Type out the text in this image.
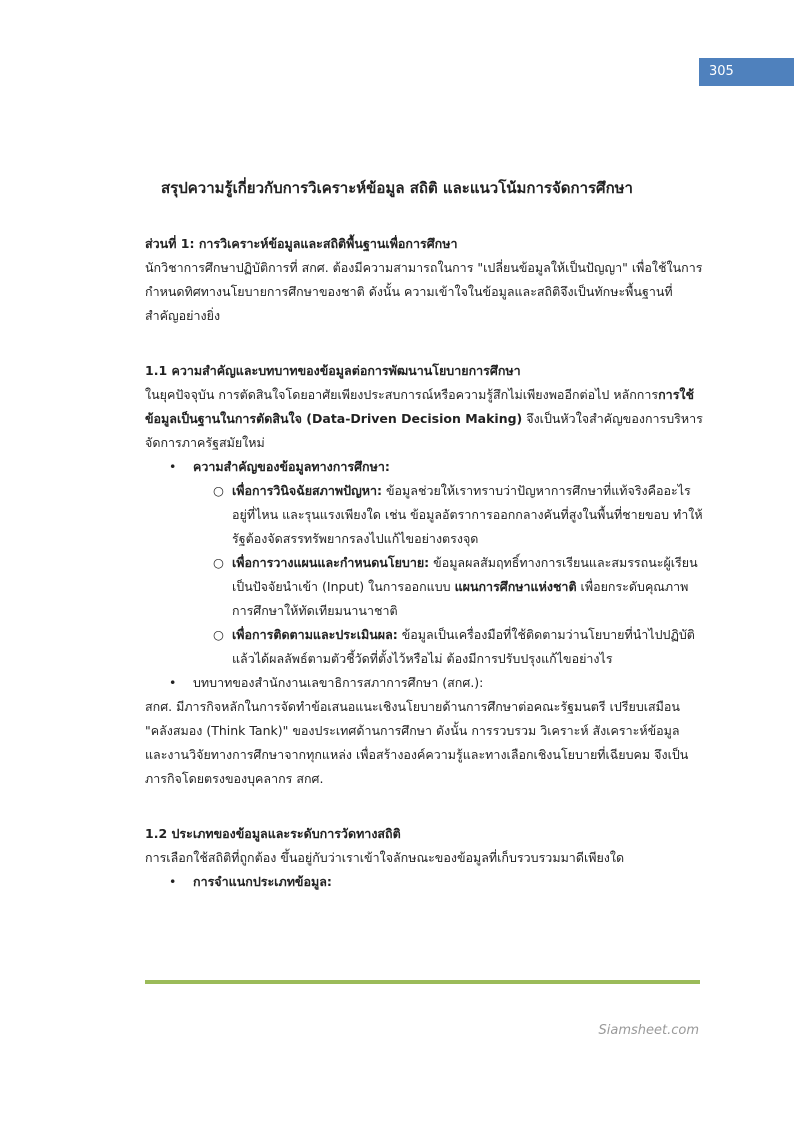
305
สรุปความรู้เกี่ยวกับการวิเคราะห์ข้อมูล สถิติ และแนวโน้มการจัดการศึกษา
ส่วนที่ 1: การวิเคราะห์ข้อมูลและสถิติพื้นฐานเพื่อการศึกษา

นักวิชาการศึกษาปฏิบัติการที่ สกศ. ต้องมีความสามารถในการ "เปลี่ยนข้อมูลให้เป็นปัญญา" เพื่อใช้ในการกำหนดทิศทางนโยบายการศึกษาของชาติ ดังนั้น ความเข้าใจในข้อมูลและสถิติจึงเป็นทักษะพื้นฐานที่สำคัญอย่างยิ่ง

1.1 ความสำคัญและบทบาทของข้อมูลต่อการพัฒนานโยบายการศึกษา

ในยุคปัจจุบัน การตัดสินใจโดยอาศัยเพียงประสบการณ์หรือความรู้สึกไม่เพียงพออีกต่อไป หลักการการใช้ข้อมูลเป็นฐานในการตัดสินใจ (Data-Driven Decision Making) จึงเป็นหัวใจสำคัญของการบริหารจัดการภาครัฐสมัยใหม่

• ความสำคัญของข้อมูลทางการศึกษา:
○ เพื่อการวินิจฉัยสภาพปัญหา: ข้อมูลช่วยให้เราทราบว่าปัญหาการศึกษาที่แท้จริงคืออะไร อยู่ที่ไหน และรุนแรงเพียงใด เช่น ข้อมูลอัตราการออกกลางคันที่สูงในพื้นที่ชายขอบ ทำให้รัฐต้องจัดสรรทรัพยากรลงไปแก้ไขอย่างตรงจุด
○ เพื่อการวางแผนและกำหนดนโยบาย: ข้อมูลผลสัมฤทธิ์ทางการเรียนและสมรรถนะผู้เรียน เป็นปัจจัยนำเข้า (Input) ในการออกแบบ แผนการศึกษาแห่งชาติ เพื่อยกระดับคุณภาพการศึกษาให้ทัดเทียมนานาชาติ
○ เพื่อการติดตามและประเมินผล: ข้อมูลเป็นเครื่องมือที่ใช้ติดตามว่านโยบายที่นำไปปฏิบัติแล้วได้ผลลัพธ์ตามตัวชี้วัดที่ตั้งไว้หรือไม่ ต้องมีการปรับปรุงแก้ไขอย่างไร
• บทบาทของสำนักงานเลขาธิการสภาการศึกษา (สกศ.):

สกศ. มีภารกิจหลักในการจัดทำข้อเสนอแนะเชิงนโยบายด้านการศึกษาต่อคณะรัฐมนตรี เปรียบเสมือน "คลังสมอง (Think Tank)" ของประเทศด้านการศึกษา ดังนั้น การรวบรวม วิเคราะห์ สังเคราะห์ข้อมูล และงานวิจัยทางการศึกษาจากทุกแหล่ง เพื่อสร้างองค์ความรู้และทางเลือกเชิงนโยบายที่เฉียบคม จึงเป็นภารกิจโดยตรงของบุคลากร สกศ.

1.2 ประเภทของข้อมูลและระดับการวัดทางสถิติ

การเลือกใช้สถิติที่ถูกต้อง ขึ้นอยู่กับว่าเราเข้าใจลักษณะของข้อมูลที่เก็บรวบรวมมาดีเพียงใด

• การจำแนกประเภทข้อมูล:
Siamsheet.com
